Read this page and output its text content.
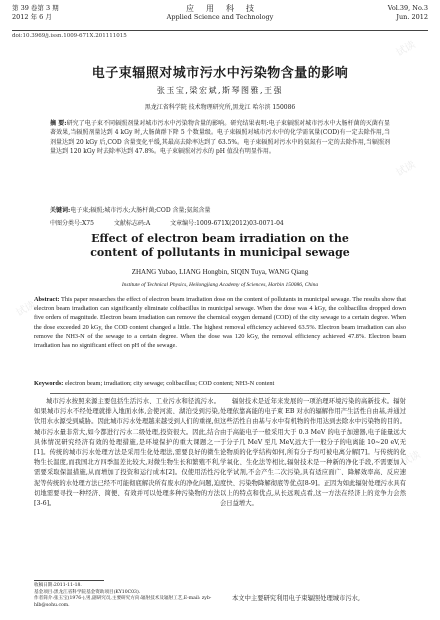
第 39 卷第 3 期
2012 年 6 月
应用科技
Applied Science and Technology
Vol.39, No.3
Jun. 2012
doi:10.3969/j.issn.1009-671X.201111015
电子束辐照对城市污水中污染物含量的影响
张玉宝,梁宏斌,斯琴图雅,王强
黑龙江省科学院 技术物理研究所,黑龙江 哈尔滨 150086
摘 要:研究了电子束不同辐照剂量对城市污水中污染物含量的影响。研究结果表明:电子束辐照对城市污水中大肠杆菌的灭菌有显著效果,当辐照剂量达到 4 kGy 时,大肠菌群下降 5 个数量级。电子束辐照对城市污水中的化学需氧量(COD)有一定去除作用,当剂量达到 20 kGy 后,COD 含量变化平缓,其最高去除率达到了 63.5%。电子束辐照对污水中的氨氮有一定的去除作用,当辐照剂量达到 120 kGy 时去除率达到 47.8%。电子束辐照对污水的 pH 值没有明显作用。
关键词:电子束;辐照;城市污水;大肠杆菌;COD 含量;氨氮含量
中图分类号:X75	文献标志码:A	文章编号:1009-671X(2012)03-0071-04
Effect of electron beam irradiation on the
content of pollutants in municipal sewage
ZHANG Yubao, LIANG Hongbin, SIQIN Tuya, WANG Qiang
Institute of Technical Physics, Heilongjiang Academy of Sciences, Harbin 150086, China
Abstract: This paper researches the effect of electron beam irradiation dose on the content of pollutants in municipal sewage. The results show that electron beam irradiation can significantly eliminate colibacillus in municipal sewage. When the dose was 4 kGy, the colibacillus dropped down five orders of magnitude. Electron beam irradiation can remove the chemical oxygen demand (COD) of the city sewage to a certain degree. When the dose exceeded 20 kGy, the COD content changed a little. The highest removal efficiency achieved 63.5%. Electron beam irradiation can also remove the NH3-N of the sewage to a certain degree. When the dose was 120 kGy, the removal efficiency achieved 47.8%. Electron beam irradiation has no significant effect on pH of the sewage.
Keywords: electron beam; irradiation; city sewage; colibacillus; COD content; NH3-N content
城市污水按照来源主要包括生活污水、工业污水和径流污水。如果城市污水不经处理就排入地面水体,会使河流、湖泊受到污染,饮用水水源受到威胁。因此城市污水处理越来越受到人们的重视,但城市污水量非常大,如今都进行污水二级处理,投资很大。因此,结合具体情况研究经济有效的处理措施,是环境保护的重大课题之一[1]。传统的城市污水处理方法是采用生化处理法,需要良好的微生物生长温度,而我国北方四季温差比较大,对微生物生长和繁殖不利,需要采取保温措施,从而增加了投资和运行成本[2]。仅使用活性污泥等传统的水处理方法已经不可能彻底解决所有废水的净化问题,迫切地需要寻找一种经济、简便、有效并可以处理多种污染物的方法[3-6]。
辐射技术是近年来发展的一项治理环境污染的高新技术。辐射处理依靠高能的电子束 EB 对水的辐解作用产生活性自由基,并通过这些活性自由基与水中有机物的作用达到去除水中污染物的目的。由于高能电子一般采用大于 0.3 MeV 的电子加速器,电子能量远大于分子几 MeV 至几 MeV,远大于一般分子的电离能 10~20 eV,无论物质的化学结构如何,所有分子均可被电离分解[7]。与传统的化学氧化、生化法等相比,辐射技术是一种新的净化手段,不需要加入化学试剂,不会产生二次污染,具有适应面广、降解效率高、反应速度快、污染物降解彻底等优点[8-9]。正因为如此辐射处理污水具有以上的特点和优点,从长远观点看,这一方法在经济上的竞争力会然会日益增大。
收稿日期:2011-11-18.
基金项目:黑龙江省科学院基金资助项目(KY10C03).
作者简介:张玉宝(1976-),男,副研究员,主要研究方向:辐射技术及辐射工艺,E-mail: zyb-hlb@sohu.com.
本文中主要研究利用电子束辐照处理城市污水,
试读
试读
试读
试读
